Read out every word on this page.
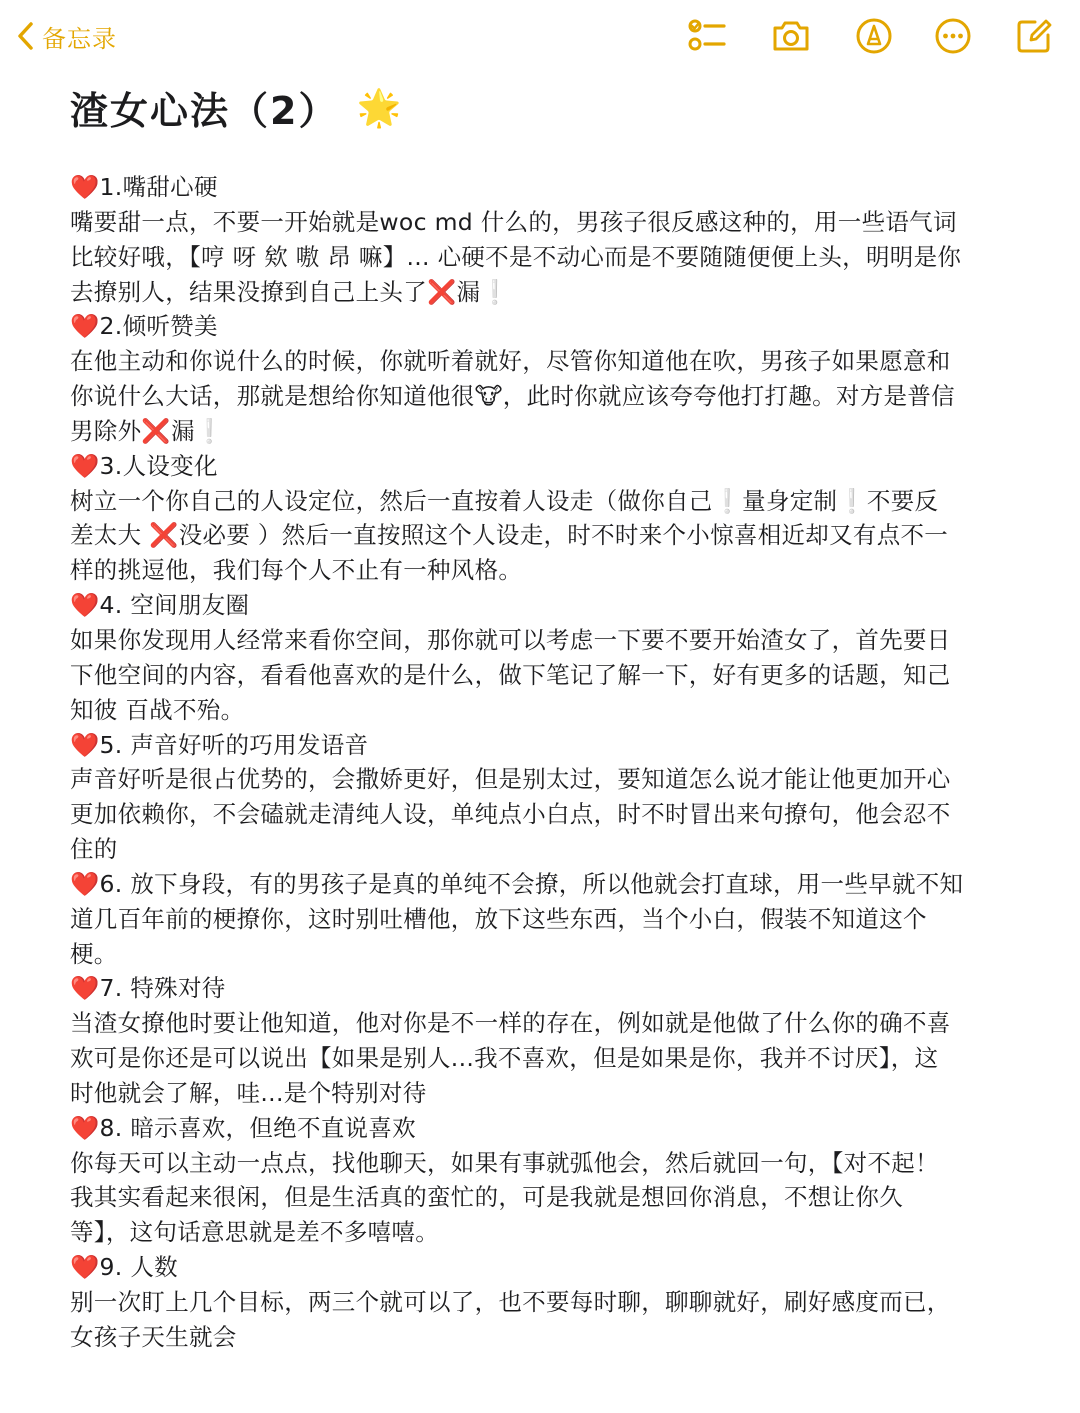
备忘录
渣女心法（2） 🌟
❤️1.嘴甜心硬
嘴要甜一点，不要一开始就是woc md 什么的，男孩子很反感这种的，用一些语气词
比较好哦，【哼 呀 欸 嗷 昂 嘛】... 心硬不是不动心而是不要随随便便上头，明明是你
去撩别人，结果没撩到自己上头了❌漏❕
❤️2.倾听赞美
在他主动和你说什么的时候，你就听着就好，尽管你知道他在吹，男孩子如果愿意和
你说什么大话，那就是想给你知道他很🐮，此时你就应该夸夸他打打趣。对方是普信
男除外❌漏❕
❤️3.人设变化
树立一个你自己的人设定位，然后一直按着人设走（做你自己❕量身定制❕不要反
差太大 ❌没必要 ）然后一直按照这个人设走，时不时来个小惊喜相近却又有点不一
样的挑逗他，我们每个人不止有一种风格。
❤️4. 空间朋友圈
如果你发现用人经常来看你空间，那你就可以考虑一下要不要开始渣女了，首先要日
下他空间的内容，看看他喜欢的是什么，做下笔记了解一下，好有更多的话题，知己
知彼 百战不殆。
❤️5. 声音好听的巧用发语音
声音好听是很占优势的，会撒娇更好，但是别太过，要知道怎么说才能让他更加开心
更加依赖你，不会磕就走清纯人设，单纯点小白点，时不时冒出来句撩句，他会忍不
住的
❤️6. 放下身段，有的男孩子是真的单纯不会撩，所以他就会打直球，用一些早就不知
道几百年前的梗撩你，这时别吐槽他，放下这些东西，当个小白，假装不知道这个
梗。
❤️7. 特殊对待
当渣女撩他时要让他知道，他对你是不一样的存在，例如就是他做了什么你的确不喜
欢可是你还是可以说出【如果是别人...我不喜欢，但是如果是你，我并不讨厌】，这
时他就会了解，哇...是个特别对待
❤️8. 暗示喜欢，但绝不直说喜欢
你每天可以主动一点点，找他聊天，如果有事就弧他会，然后就回一句，【对不起！
我其实看起来很闲，但是生活真的蛮忙的，可是我就是想回你消息，不想让你久
等】，这句话意思就是差不多嘻嘻。
❤️9. 人数
别一次盯上几个目标，两三个就可以了，也不要每时聊，聊聊就好，刷好感度而已，
女孩子天生就会
